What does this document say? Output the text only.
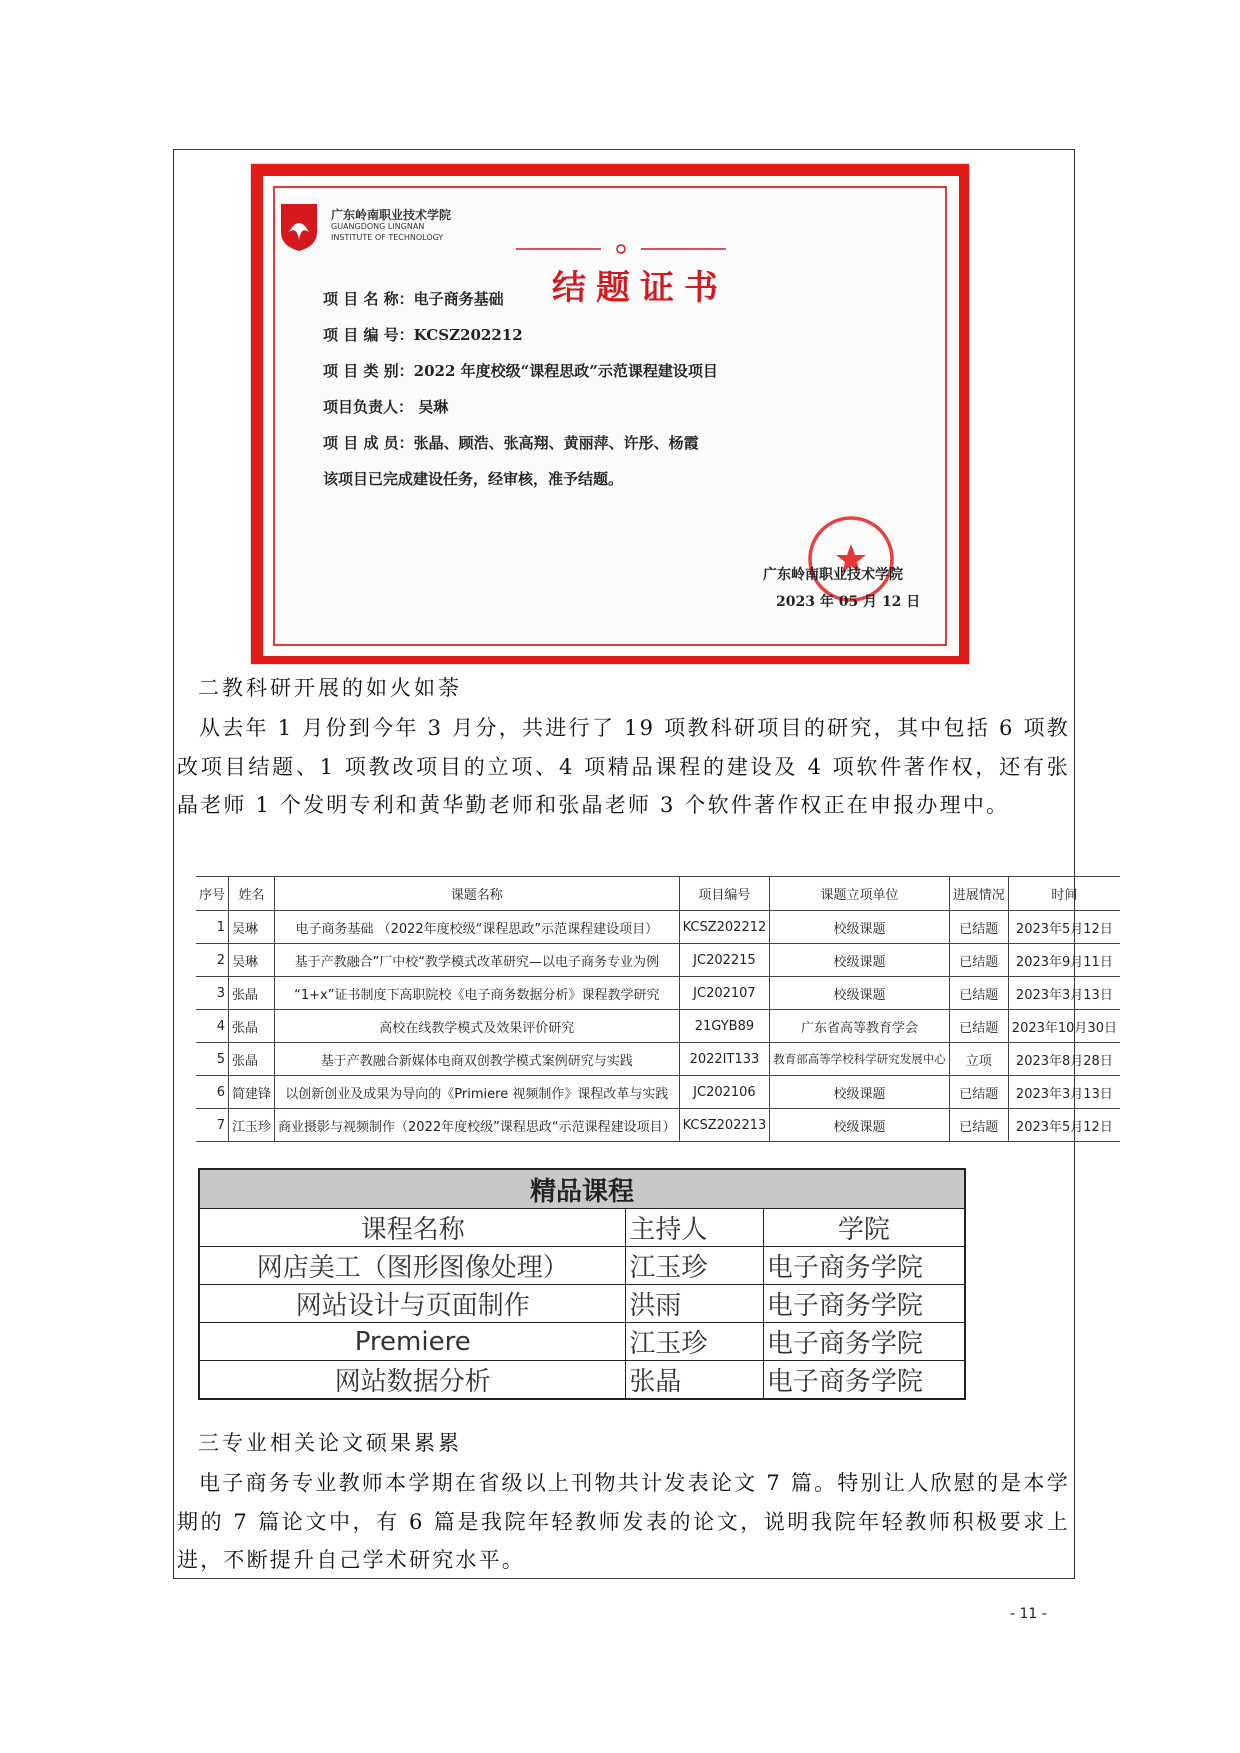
广东岭南职业技术学院
GUANGDONG LINGNAN
INSTITUTE OF TECHNOLOGY
结题证书
项 目 名 称：电子商务基础
项 目 编 号：KCSZ202212
项 目 类 别：2022 年度校级“课程思政”示范课程建设项目
项目负责人： 吴琳
项 目 成 员：张晶、顾浩、张高翔、黄丽萍、许彤、杨霞
该项目已完成建设任务，经审核，准予结题。
广东岭南职业技术学院
2023 年 05 月 12 日
二教科研开展的如火如荼
从去年 1 月份到今年 3 月分，共进行了 19 项教科研项目的研究，其中包括 6 项教改项目结题、1 项教改项目的立项、4 项精品课程的建设及 4 项软件著作权，还有张晶老师 1 个发明专利和黄华勤老师和张晶老师 3 个软件著作权正在申报办理中。
序号	姓名	课题名称	项目编号	课题立项单位	进展情况	时间
1	吴琳	电子商务基础 （2022年度校级“课程思政”示范课程建设项目）	KCSZ202212	校级课题	已结题	2023年5月12日
2	吴琳	基于产教融合”厂中校“教学模式改革研究—以电子商务专业为例	JC202215	校级课题	已结题	2023年9月11日
3	张晶	“1+x”证书制度下高职院校《电子商务数据分析》课程教学研究	JC202107	校级课题	已结题	2023年3月13日
4	张晶	高校在线教学模式及效果评价研究	21GYB89	广东省高等教育学会	已结题	2023年10月30日
5	张晶	基于产教融合新媒体电商双创教学模式案例研究与实践	2022IT133	教育部高等学校科学研究发展中心	立项	2023年8月28日
6	简建锋	以创新创业及成果为导向的《Primiere 视频制作》课程改革与实践	JC202106	校级课题	已结题	2023年3月13日
7	江玉珍	商业摄影与视频制作（2022年度校级”课程思政“示范课程建设项目）	KCSZ202213	校级课题	已结题	2023年5月12日
精品课程		
课程名称	主持人	学院
网店美工（图形图像处理）	江玉珍	电子商务学院
网站设计与页面制作	洪雨	电子商务学院
Premiere	江玉珍	电子商务学院
网站数据分析	张晶	电子商务学院
三专业相关论文硕果累累
电子商务专业教师本学期在省级以上刊物共计发表论文 7 篇。特别让人欣慰的是本学期的 7 篇论文中，有 6 篇是我院年轻教师发表的论文，说明我院年轻教师积极要求上进，不断提升自己学术研究水平。
- 11 -
